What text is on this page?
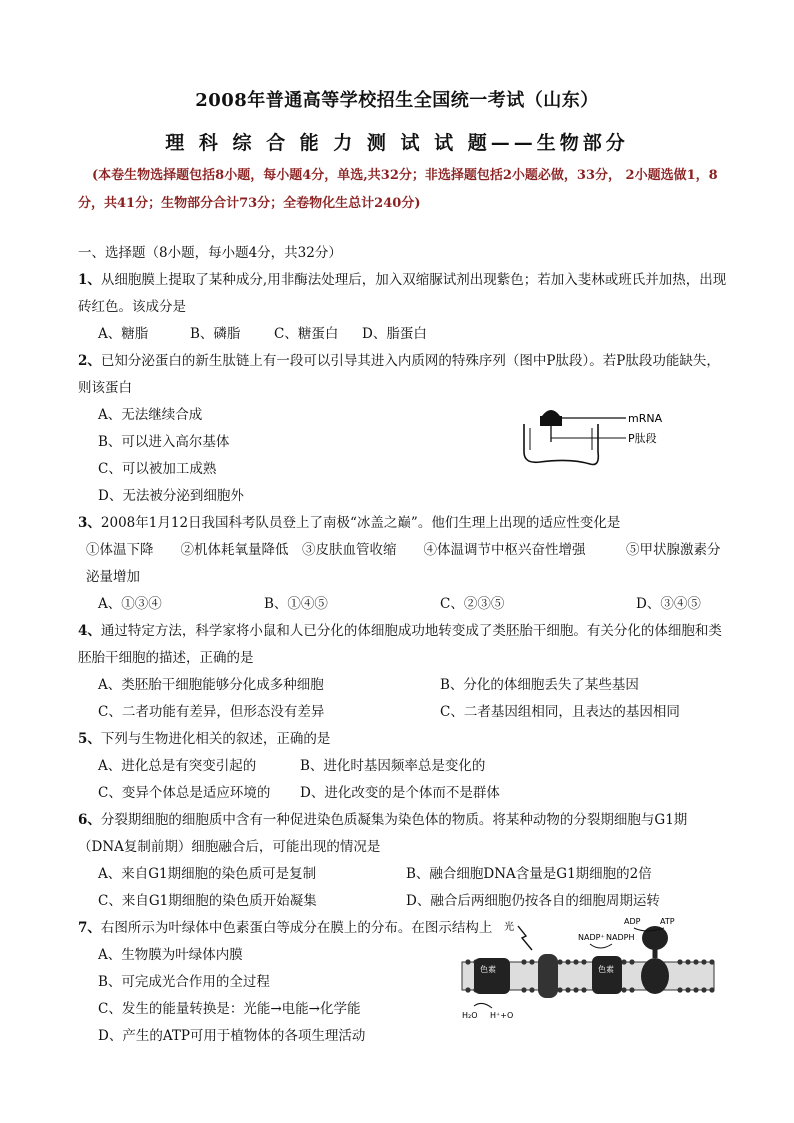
2008年普通高等学校招生全国统一考试（山东）
理 科 综 合 能 力 测 试 试 题——生物部分
(本卷生物选择题包括8小题，每小题4分，单选,共32分；非选择题包括2小题必做，33分， 2小题选做1，8分，共41分；生物部分合计73分；全卷物化生总计240分)
一、选择题（8小题，每小题4分，共32分）
1、从细胞膜上提取了某种成分,用非酶法处理后，加入双缩脲试剂出现紫色；若加入斐林或班氏并加热，出现砖红色。该成分是
A、糖脂	B、磷脂 C、糖蛋白 D、脂蛋白
2、已知分泌蛋白的新生肽链上有一段可以引导其进入内质网的特殊序列（图中P肽段）。若P肽段功能缺失，则该蛋白
A、无法继续合成
B、可以进入高尔基体
C、可以被加工成熟
D、无法被分泌到细胞外
3、2008年1月12日我国科考队员登上了南极“冰盖之巅”。他们生理上出现的适应性变化是
①体温下降　　②机体耗氧量降低　③皮肤血管收缩　　④体温调节中枢兴奋性增强　　　⑤甲状腺激素分泌量增加
A、①③④	B、①④⑤	C、②③⑤	D、③④⑤
4、通过特定方法，科学家将小鼠和人已分化的体细胞成功地转变成了类胚胎干细胞。有关分化的体细胞和类胚胎干细胞的描述，正确的是
A、类胚胎干细胞能够分化成多种细胞	B、分化的体细胞丢失了某些基因
C、二者功能有差异，但形态没有差异	C、二者基因组相同，且表达的基因相同
5、下列与生物进化相关的叙述，正确的是
A、进化总是有突变引起的	B、进化时基因频率总是变化的
C、变异个体总是适应环境的 D、进化改变的是个体而不是群体
6、分裂期细胞的细胞质中含有一种促进染色质凝集为染色体的物质。将某种动物的分裂期细胞与G1期（DNA复制前期）细胞融合后，可能出现的情况是
A、来自G1期细胞的染色质可是复制	B、融合细胞DNA含量是G1期细胞的2倍
C、来自G1期细胞的染色质开始凝集	D、融合后两细胞仍按各自的细胞周期运转
7、右图所示为叶绿体中色素蛋白等成分在膜上的分布。在图示结构上
A、生物膜为叶绿体内膜
B、可完成光合作用的全过程
C、发生的能量转换是：光能→电能→化学能
D、产生的ATP可用于植物体的各项生理活动
mRNA
P肽段
色素	色素
光
NADP⁺ NADPH
ADP ATP
H₂O H⁺+O
